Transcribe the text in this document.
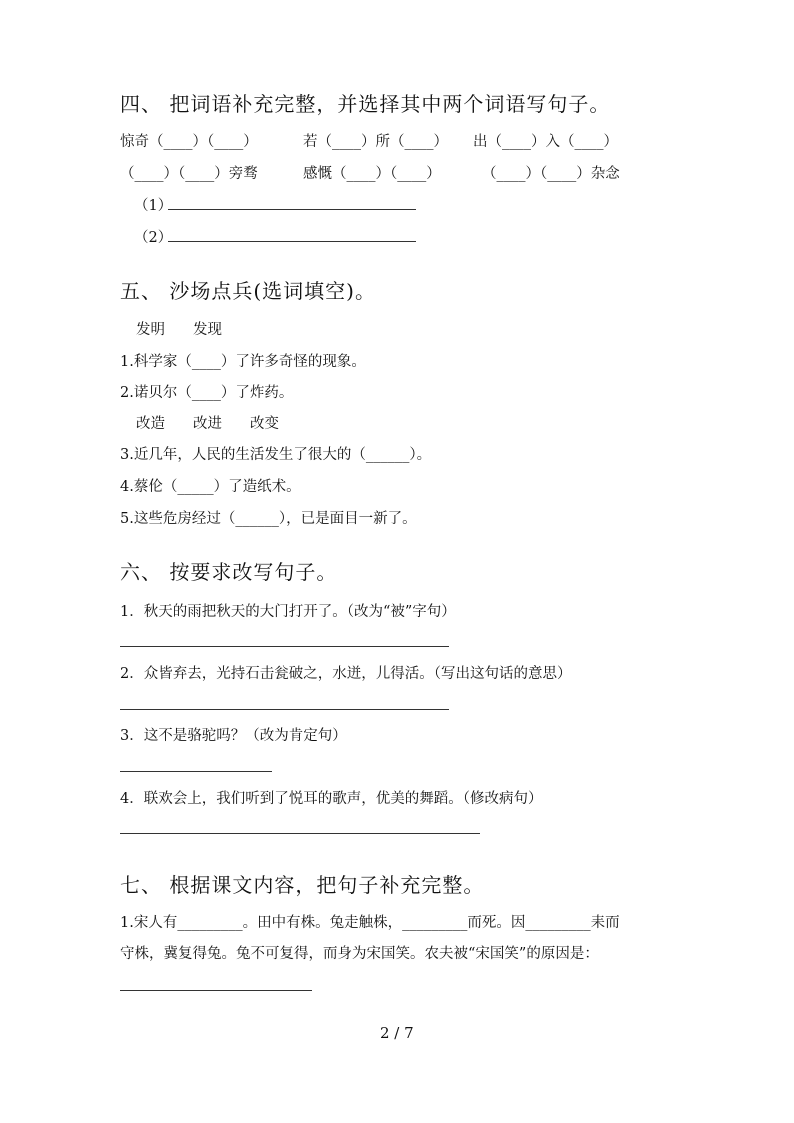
四、 把词语补充完整，并选择其中两个词语写句子。
惊奇（____）（____）	若（____）所（____） 出（____）入（____）
（____）（____）旁骛	感慨（____）（____）	（____）（____）杂念
（1）
（2）
五、 沙场点兵(选词填空)。
发明 发现
1.科学家（____）了许多奇怪的现象。
2.诺贝尔（____）了炸药。
改造 改进 改变
3.近几年，人民的生活发生了很大的（______）。
4.蔡伦（_____）了造纸术。
5.这些危房经过（______），已是面目一新了。
六、 按要求改写句子。
1．秋天的雨把秋天的大门打开了。（改为“被”字句）
2．众皆弃去，光持石击瓮破之，水迸，儿得活。（写出这句话的意思）
3．这不是骆驼吗？（改为肯定句）
4．联欢会上，我们听到了悦耳的歌声，优美的舞蹈。（修改病句）
七、 根据课文内容，把句子补充完整。
1.宋人有_________。田中有株。兔走触株，_________而死。因_________耒而
守株，冀复得兔。兔不可复得，而身为宋国笑。农夫被“宋国笑”的原因是：
2 / 7
